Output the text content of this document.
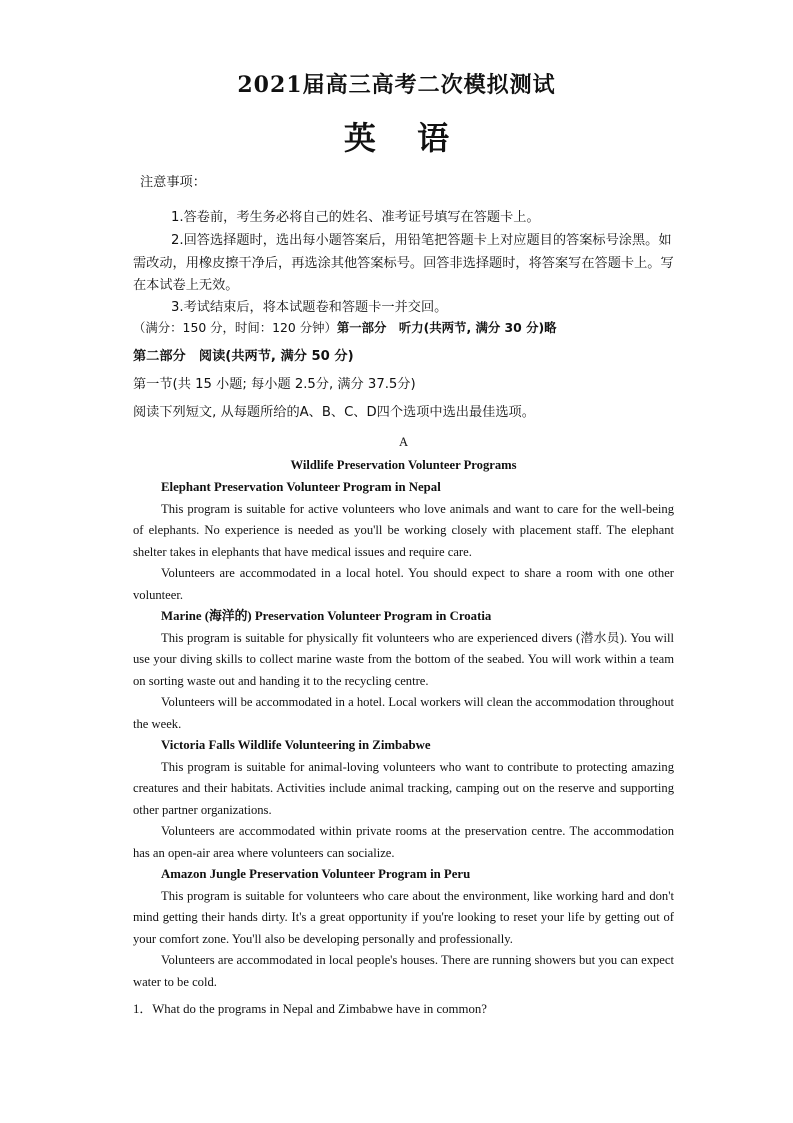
2021届高三高考二次模拟测试
英 语
注意事项：
1.答卷前，考生务必将自己的姓名、准考证号填写在答题卡上。
2.回答选择题时，选出每小题答案后，用铅笔把答题卡上对应题目的答案标号涂黑。如需改动，用橡皮擦干净后，再选涂其他答案标号。回答非选择题时，将答案写在答题卡上。写在本试卷上无效。
3.考试结束后，将本试题卷和答题卡一并交回。
（满分：150 分，时间：120 分钟）第一部分　听力(共两节, 满分 30 分)略
第二部分　阅读(共两节, 满分 50 分)
第一节(共 15 小题; 每小题 2.5分, 满分 37.5分)
阅读下列短文, 从每题所给的A、B、C、D四个选项中选出最佳选项。
A
Wildlife Preservation Volunteer Programs
Elephant Preservation Volunteer Program in Nepal

This program is suitable for active volunteers who love animals and want to care for the well-being of elephants. No experience is needed as you'll be working closely with placement staff. The elephant shelter takes in elephants that have medical issues and require care.

Volunteers are accommodated in a local hotel. You should expect to share a room with one other volunteer.

Marine (海洋的) Preservation Volunteer Program in Croatia

This program is suitable for physically fit volunteers who are experienced divers (潜水员). You will use your diving skills to collect marine waste from the bottom of the seabed. You will work within a team on sorting waste out and handing it to the recycling centre.

Volunteers will be accommodated in a hotel. Local workers will clean the accommodation throughout the week.

Victoria Falls Wildlife Volunteering in Zimbabwe

This program is suitable for animal-loving volunteers who want to contribute to protecting amazing creatures and their habitats. Activities include animal tracking, camping out on the reserve and supporting other partner organizations.

Volunteers are accommodated within private rooms at the preservation centre. The accommodation has an open-air area where volunteers can socialize.

Amazon Jungle Preservation Volunteer Program in Peru

This program is suitable for volunteers who care about the environment, like working hard and don't mind getting their hands dirty. It's a great opportunity if you're looking to reset your life by getting out of your comfort zone. You'll also be developing personally and professionally.

Volunteers are accommodated in local people's houses. There are running showers but you can expect water to be cold.

1．What do the programs in Nepal and Zimbabwe have in common?
